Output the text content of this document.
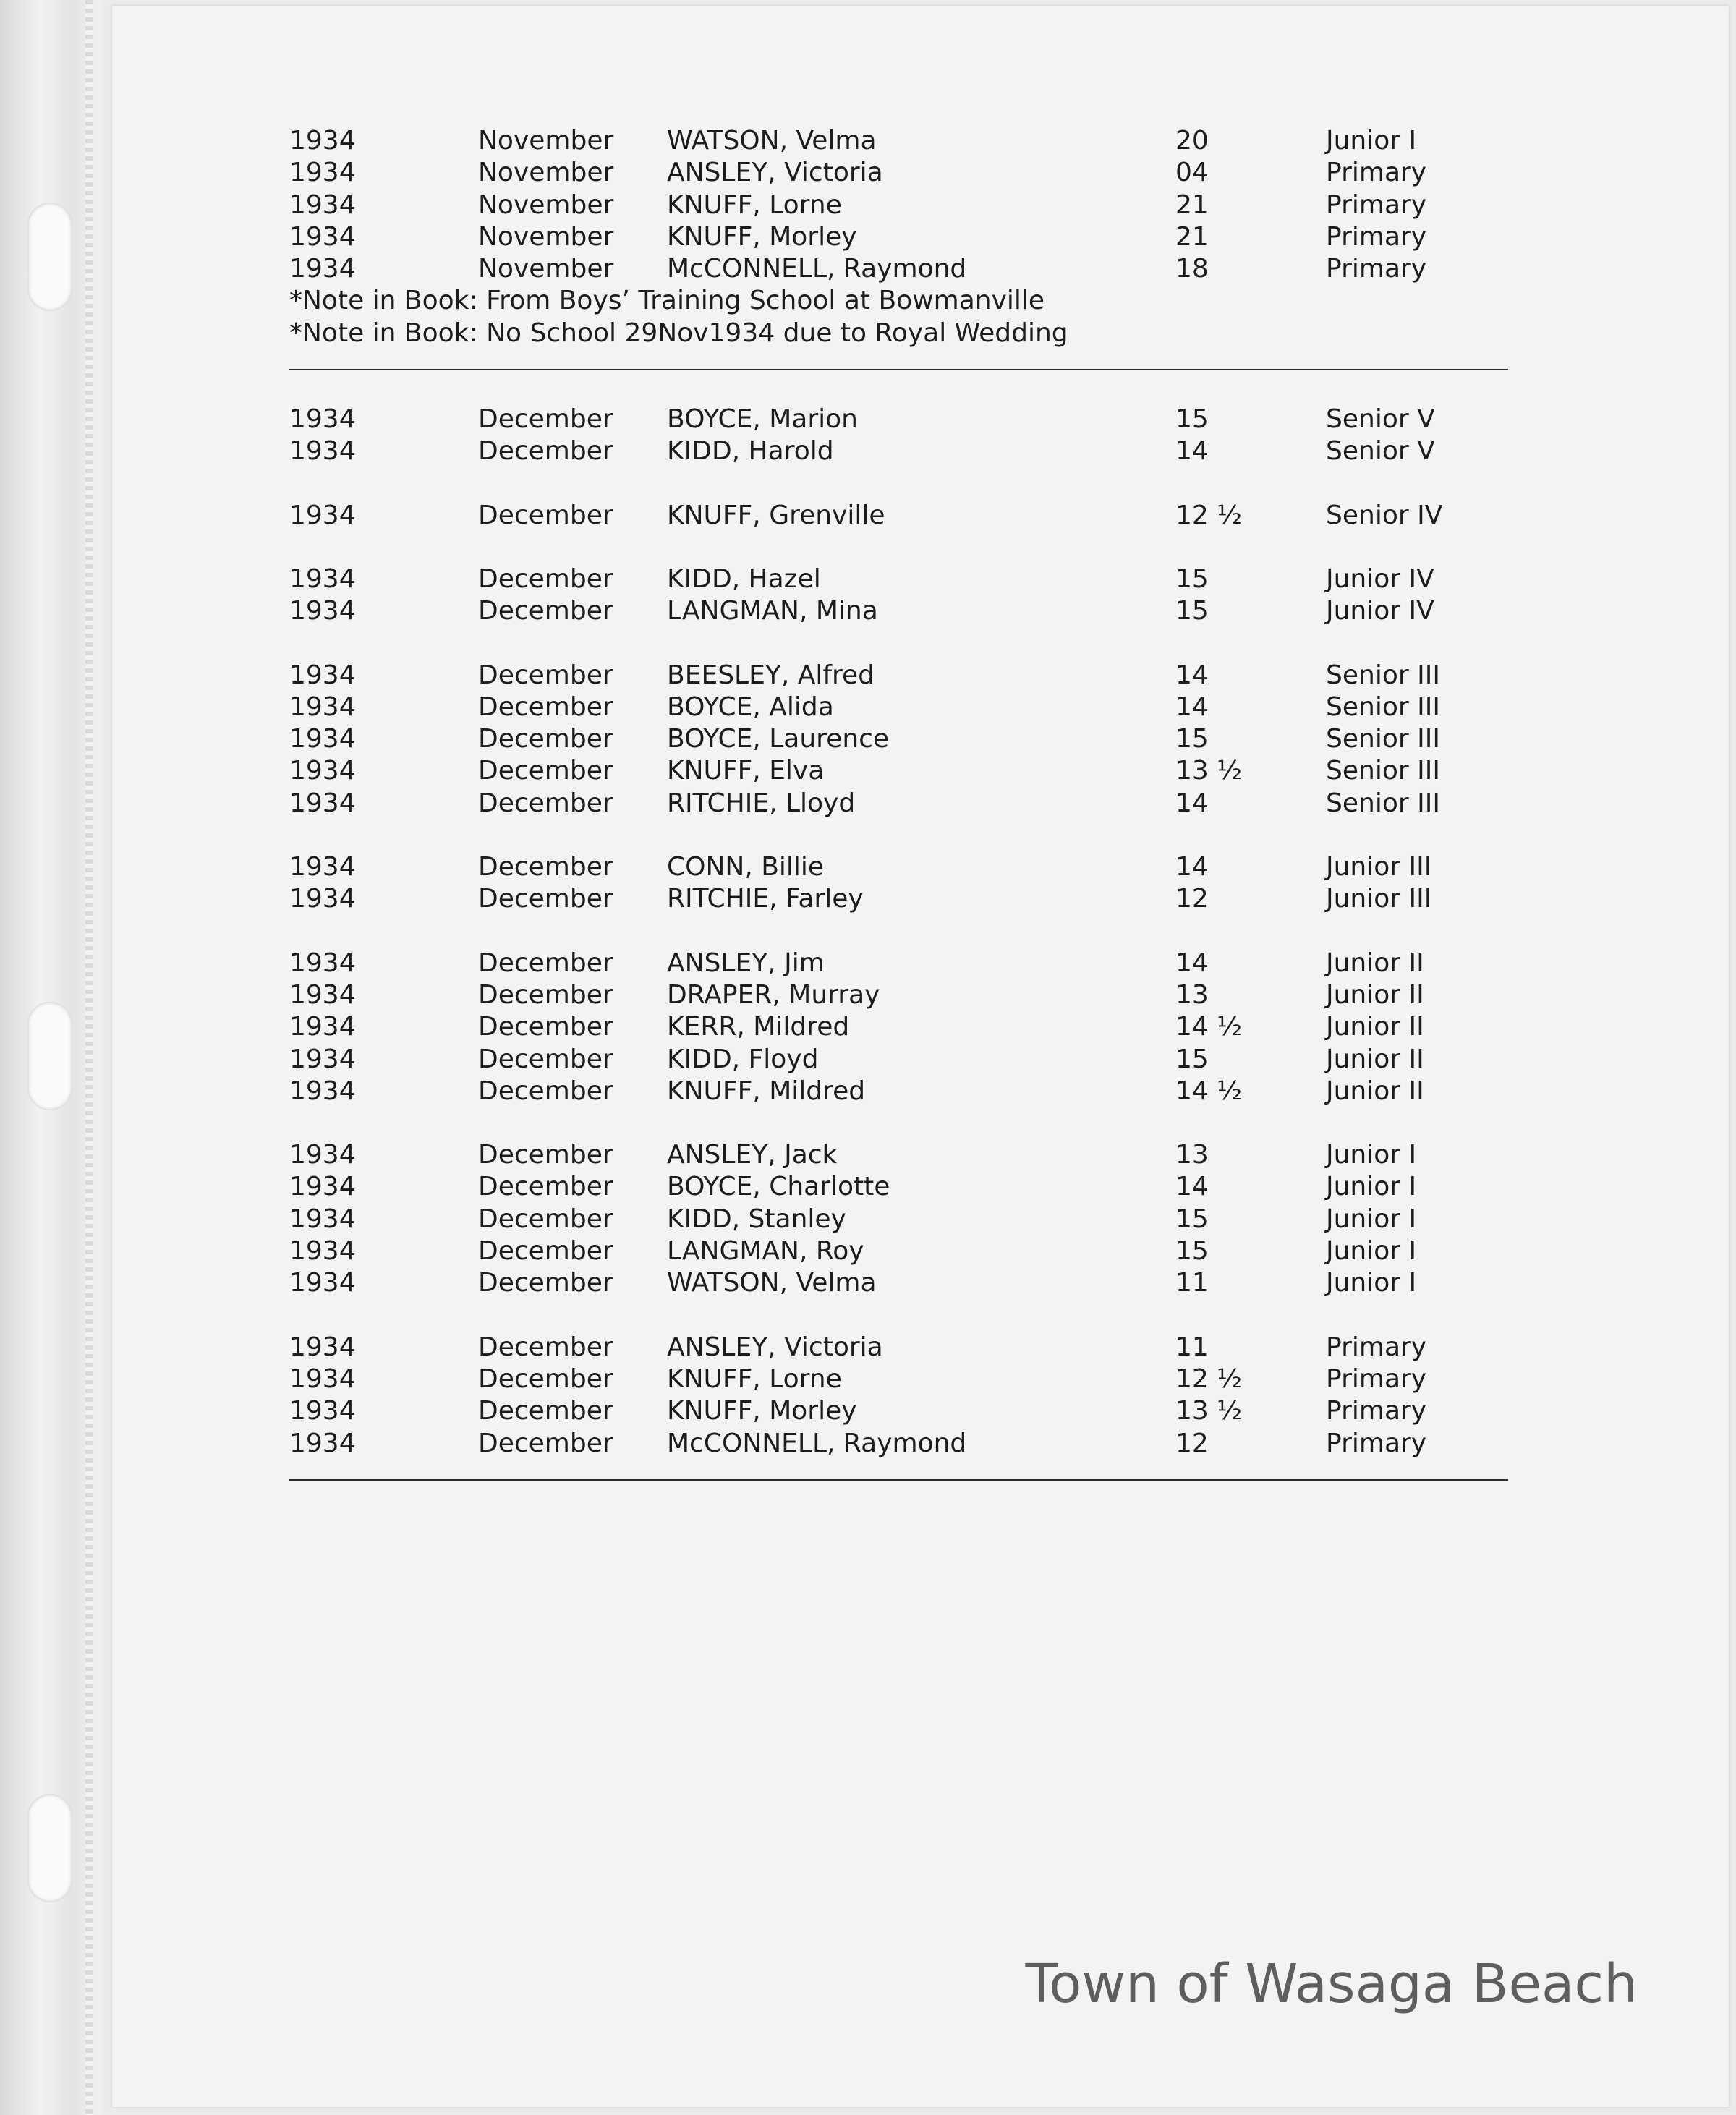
1934	November WATSON, Velma	20	Junior I
1934	November ANSLEY, Victoria	04	Primary
1934	November KNUFF, Lorne	21	Primary
1934	November KNUFF, Morley	21	Primary
1934	November McCONNELL, Raymond	18	Primary
*Note in Book: From Boys’ Training School at Bowmanville
*Note in Book: No School 29Nov1934 due to Royal Wedding
1934	December BOYCE, Marion	15	Senior V
1934	December KIDD, Harold	14	Senior V
1934	December KNUFF, Grenville	12 ½	Senior IV
1934	December KIDD, Hazel	15	Junior IV
1934	December LANGMAN, Mina	15	Junior IV
1934	December BEESLEY, Alfred	14	Senior III
1934	December BOYCE, Alida	14	Senior III
1934	December BOYCE, Laurence	15	Senior III
1934	December KNUFF, Elva	13 ½	Senior III
1934	December RITCHIE, Lloyd	14	Senior III
1934	December CONN, Billie	14	Junior III
1934	December RITCHIE, Farley	12	Junior III
1934	December ANSLEY, Jim	14	Junior II
1934	December DRAPER, Murray	13	Junior II
1934	December KERR, Mildred	14 ½	Junior II
1934	December KIDD, Floyd	15	Junior II
1934	December KNUFF, Mildred	14 ½	Junior II
1934	December ANSLEY, Jack	13	Junior I
1934	December BOYCE, Charlotte	14	Junior I
1934	December KIDD, Stanley	15	Junior I
1934	December LANGMAN, Roy	15	Junior I
1934	December WATSON, Velma	11	Junior I
1934	December ANSLEY, Victoria	11	Primary
1934	December KNUFF, Lorne	12 ½	Primary
1934	December KNUFF, Morley	13 ½	Primary
1934	December McCONNELL, Raymond	12	Primary
Town of Wasaga Beach
